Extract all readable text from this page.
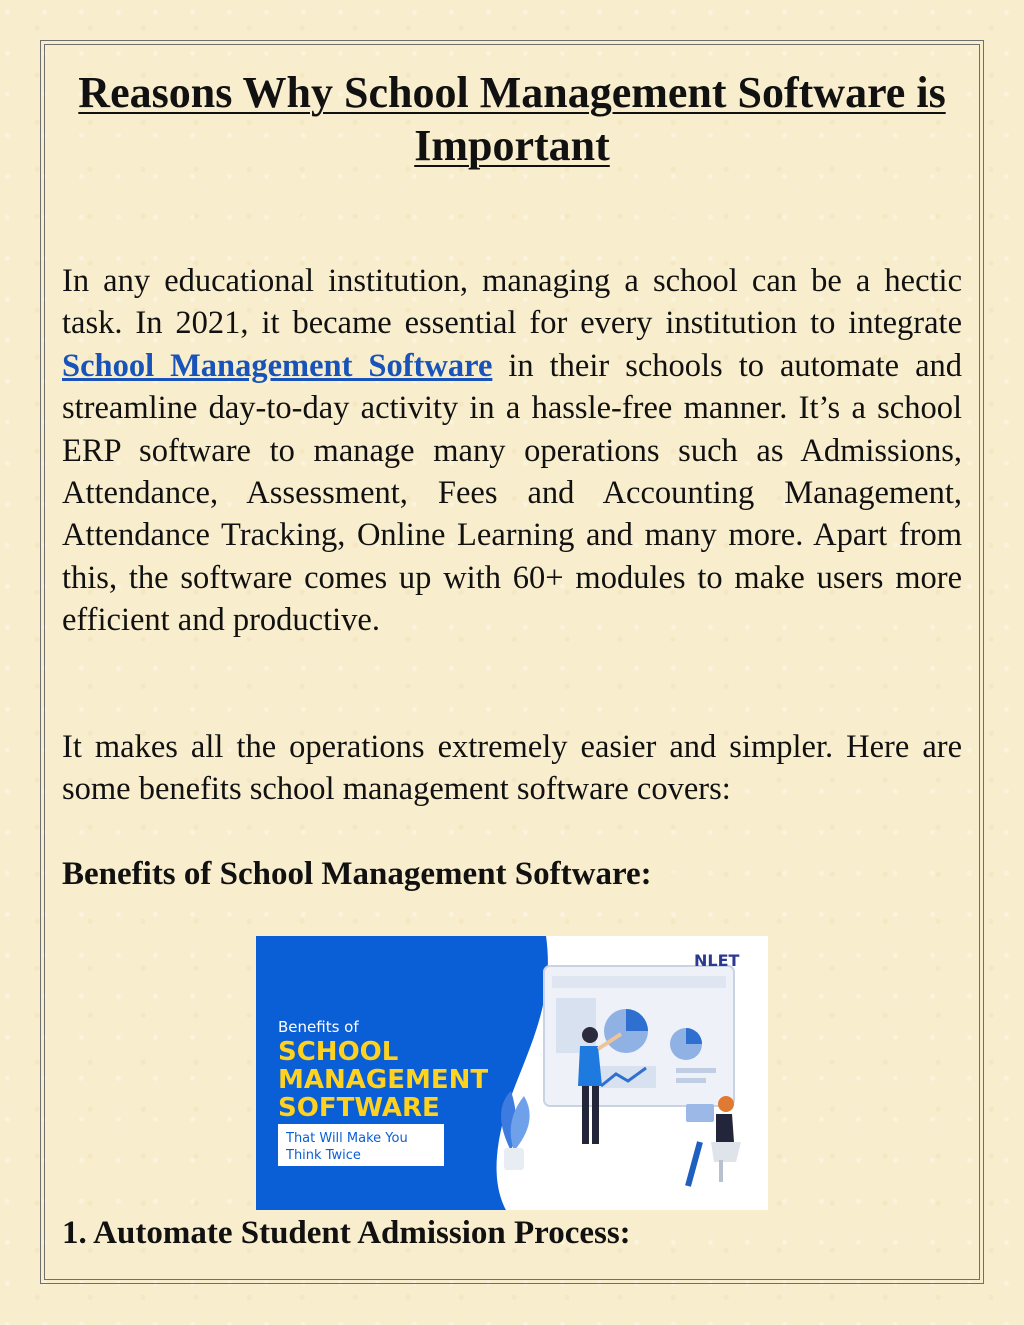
Reasons Why School Management Software is Important

In any educational institution, managing a school can be a hectic task. In 2021, it became essential for every institution to integrate School Management Software in their schools to automate and streamline day-to-day activity in a hassle-free manner. It’s a school ERP software to manage many operations such as Admissions, Attendance, Assessment, Fees and Accounting Management, Attendance Tracking, Online Learning and many more. Apart from this, the software comes up with 60+ modules to make users more efficient and productive.

It makes all the operations extremely easier and simpler. Here are some benefits school management software covers:

Benefits of School Management Software:
NLET
Benefits of
SCHOOL
MANAGEMENT
SOFTWARE
That Will Make You
Think Twice
1. Automate Student Admission Process:
